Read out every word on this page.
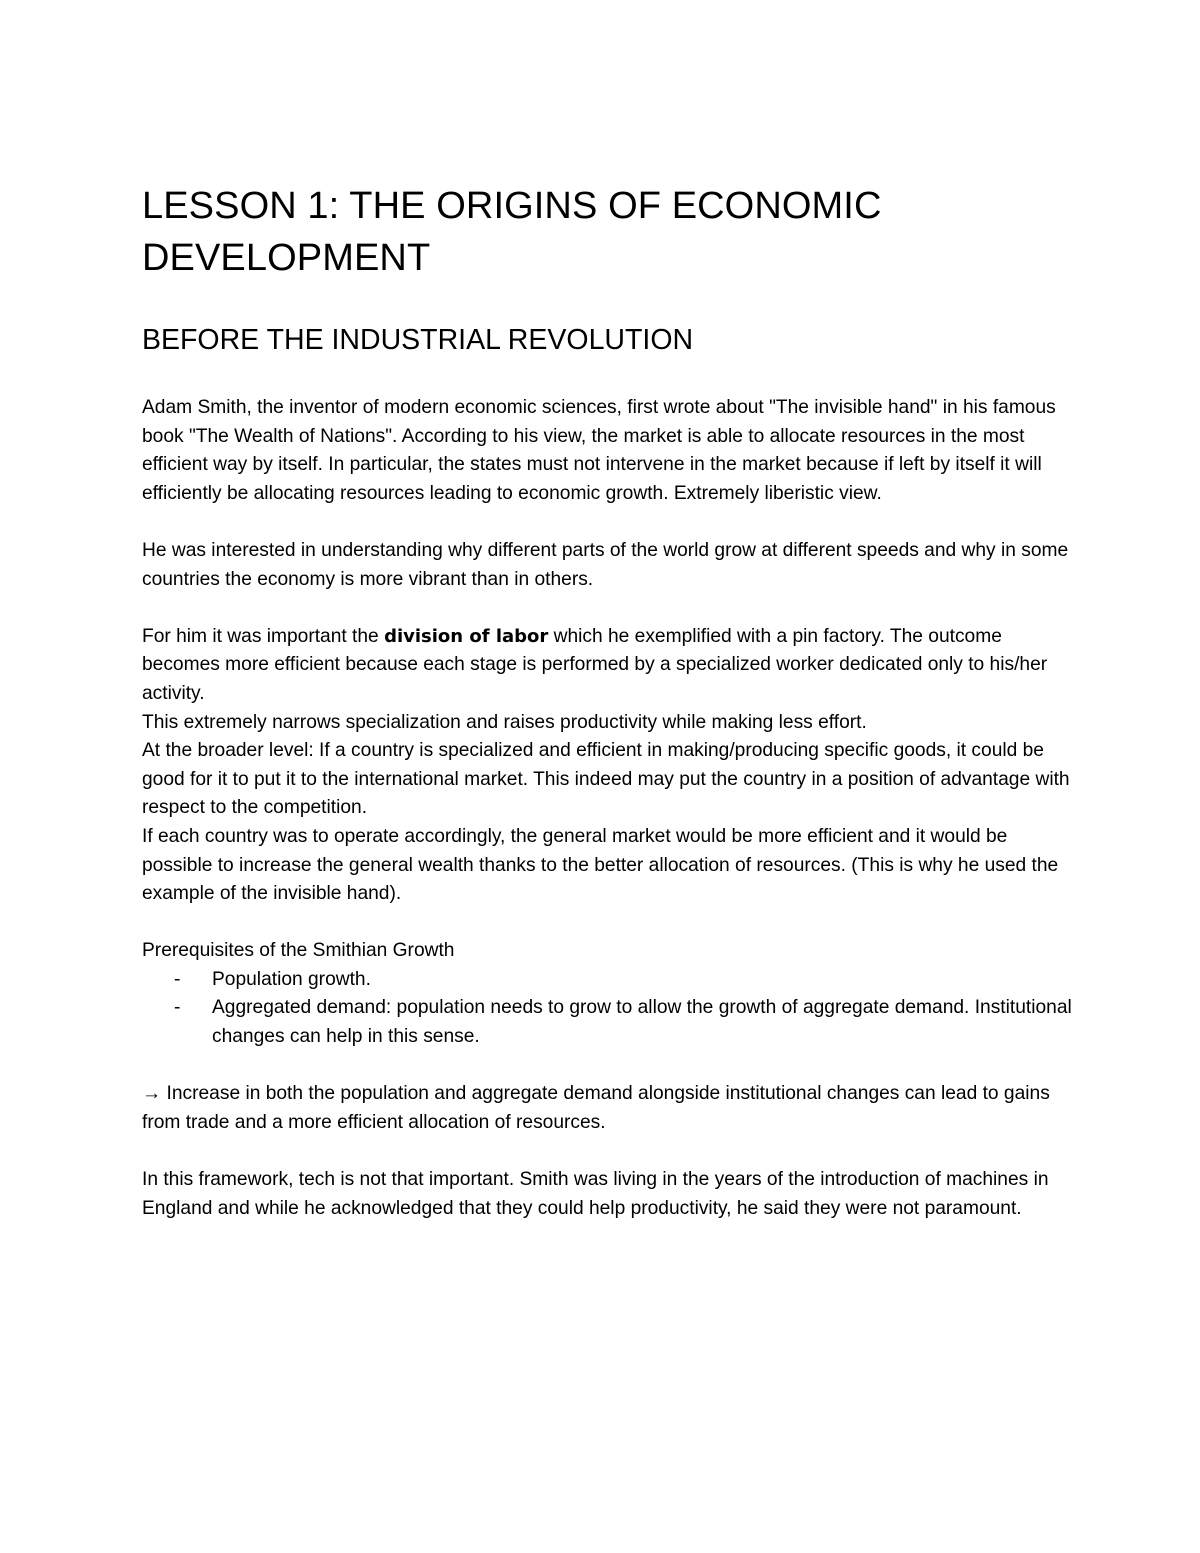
LESSON 1: THE ORIGINS OF ECONOMIC DEVELOPMENT
BEFORE THE INDUSTRIAL REVOLUTION

Adam Smith, the inventor of modern economic sciences, first wrote about "The invisible hand" in his famous book "The Wealth of Nations". According to his view, the market is able to allocate resources in the most efficient way by itself. In particular, the states must not intervene in the market because if left by itself it will efficiently be allocating resources leading to economic growth. Extremely liberistic view.

He was interested in understanding why different parts of the world grow at different speeds and why in some countries the economy is more vibrant than in others.

For him it was important the division of labor which he exemplified with a pin factory. The outcome becomes more efficient because each stage is performed by a specialized worker dedicated only to his/her activity.

This extremely narrows specialization and raises productivity while making less effort.

At the broader level: If a country is specialized and efficient in making/producing specific goods, it could be good for it to put it to the international market. This indeed may put the country in a position of advantage with respect to the competition.

If each country was to operate accordingly, the general market would be more efficient and it would be possible to increase the general wealth thanks to the better allocation of resources. (This is why he used the example of the invisible hand).

Prerequisites of the Smithian Growth

- Population growth.
- Aggregated demand: population needs to grow to allow the growth of aggregate demand. Institutional changes can help in this sense.

→ Increase in both the population and aggregate demand alongside institutional changes can lead to gains from trade and a more efficient allocation of resources.

In this framework, tech is not that important. Smith was living in the years of the introduction of machines in England and while he acknowledged that they could help productivity, he said they were not paramount.
